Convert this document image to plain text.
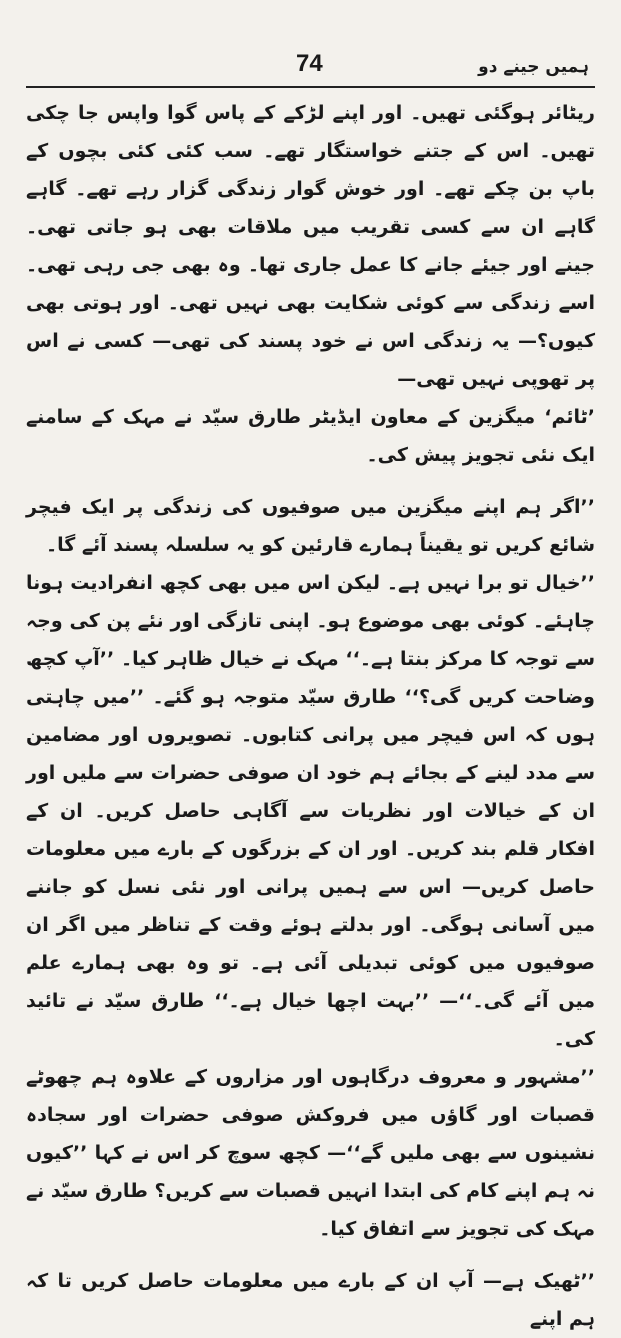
ہمیں جینے دو
74

ریٹائر ہوگئی تھیں۔ اور اپنے لڑکے کے پاس گوا واپس جا چکی تھیں۔ اس کے جتنے خواستگار تھے۔ سب کئی کئی بچوں کے باپ بن چکے تھے۔ اور خوش گوار زندگی گزار رہے تھے۔ گاہے گاہے ان سے کسی تقریب میں ملاقات بھی ہو جاتی تھی۔ جینے اور جیئے جانے کا عمل جاری تھا۔ وہ بھی جی رہی تھی۔ اسے زندگی سے کوئی شکایت بھی نہیں تھی۔ اور ہوتی بھی کیوں؟— یہ زندگی اس نے خود پسند کی تھی— کسی نے اس پر تھوپی نہیں تھی—

’ٹائم‘ میگزین کے معاون ایڈیٹر طارق سیّد نے مہک کے سامنے ایک نئی تجویز پیش کی۔

’’اگر ہم اپنے میگزین میں صوفیوں کی زندگی پر ایک فیچر شائع کریں تو یقیناً ہمارے قارئین کو یہ سلسلہ پسند آئے گا۔

’’خیال تو برا نہیں ہے۔ لیکن اس میں بھی کچھ انفرادیت ہونا چاہئے۔ کوئی بھی موضوع ہو۔ اپنی تازگی اور نئے پن کی وجہ سے توجہ کا مرکز بنتا ہے۔‘‘ مہک نے خیال ظاہر کیا۔ ’’آپ کچھ وضاحت کریں گی؟‘‘ طارق سیّد متوجہ ہو گئے۔ ’’میں چاہتی ہوں کہ اس فیچر میں پرانی کتابوں۔ تصویروں اور مضامین سے مدد لینے کے بجائے ہم خود ان صوفی حضرات سے ملیں اور ان کے خیالات اور نظریات سے آگاہی حاصل کریں۔ ان کے افکار قلم بند کریں۔ اور ان کے بزرگوں کے بارے میں معلومات حاصل کریں— اس سے ہمیں پرانی اور نئی نسل کو جاننے میں آسانی ہوگی۔ اور بدلتے ہوئے وقت کے تناظر میں اگر ان صوفیوں میں کوئی تبدیلی آئی ہے۔ تو وہ بھی ہمارے علم میں آئے گی۔‘‘— ’’بہت اچھا خیال ہے۔‘‘ طارق سیّد نے تائید کی۔

’’مشہور و معروف درگاہوں اور مزاروں کے علاوہ ہم چھوٹے قصبات اور گاؤں میں فروکش صوفی حضرات اور سجادہ نشینوں سے بھی ملیں گے‘‘— کچھ سوچ کر اس نے کہا ’’کیوں نہ ہم اپنے کام کی ابتدا انہیں قصبات سے کریں؟ طارق سیّد نے مہک کی تجویز سے اتفاق کیا۔

’’ٹھیک ہے— آپ ان کے بارے میں معلومات حاصل کریں تا کہ ہم اپنے
